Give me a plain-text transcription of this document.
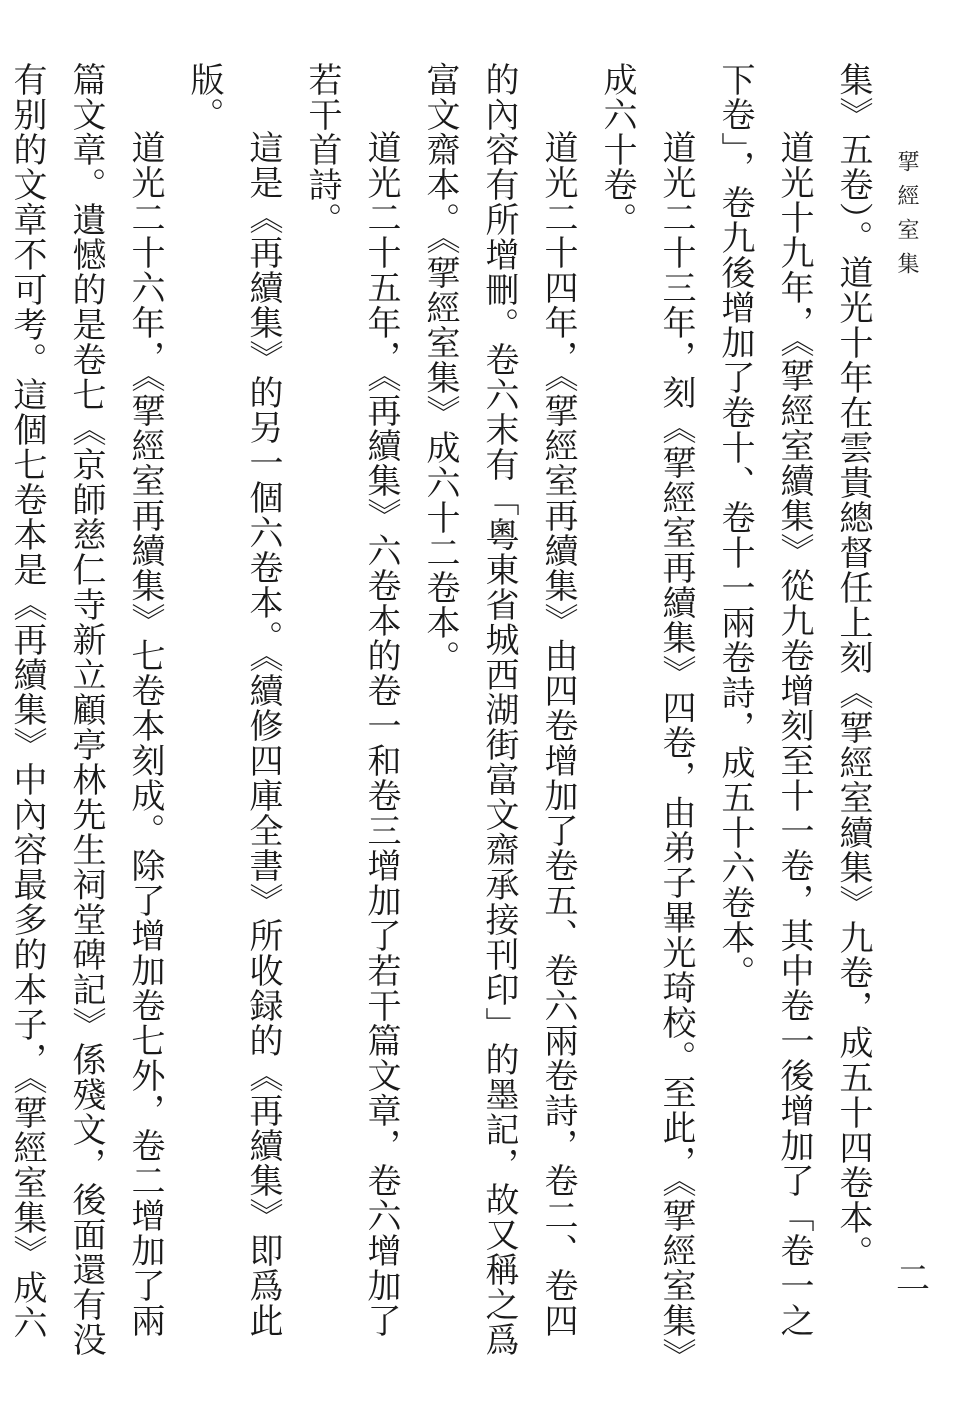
揅經室集
二

集》五卷）。道光十年在雲貴總督任上刻《揅經室續集》九卷，成五十四卷本。

道光十九年，《揅經室續集》從九卷增刻至十一卷，其中卷一後增加了「卷一之下卷」，卷九後增加了卷十、卷十一兩卷詩，成五十六卷本。

道光二十三年，刻《揅經室再續集》四卷，由弟子畢光琦校。至此，《揅經室集》成六十卷。

道光二十四年，《揅經室再續集》由四卷增加了卷五、卷六兩卷詩，卷二、卷四的內容有所增刪。卷六末有「粵東省城西湖街富文齋承接刊印」的墨記，故又稱之爲富文齋本。《揅經室集》成六十二卷本。

道光二十五年，《再續集》六卷本的卷一和卷三增加了若干篇文章，卷六增加了若干首詩。

這是《再續集》的另一個六卷本。《續修四庫全書》所收録的《再續集》即爲此版。

道光二十六年，《揅經室再續集》七卷本刻成。除了增加卷七外，卷二增加了兩篇文章。遺憾的是卷七《京師慈仁寺新立顧亭林先生祠堂碑記》係殘文，後面還有没有别的文章不可考。這個七卷本是《再續集》中內容最多的本子，《揅經室集》成六
